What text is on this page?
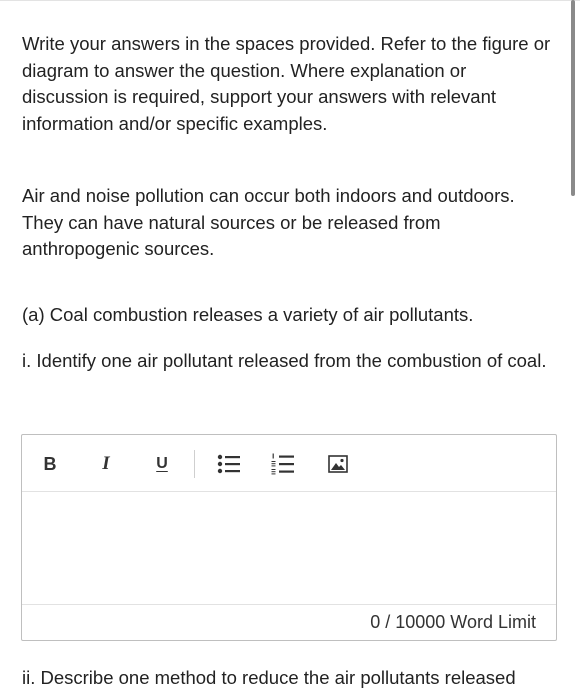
Write your answers in the spaces provided. Refer to the figure or diagram to answer the question. Where explanation or discussion is required, support your answers with relevant information and/or specific examples.

Air and noise pollution can occur both indoors and outdoors. They can have natural sources or be released from anthropogenic sources.

(a) Coal combustion releases a variety of air pollutants.

i. Identify one air pollutant released from the combustion of coal.

B	I	U
0 / 10000 Word Limit

ii. Describe one method to reduce the air pollutants released
